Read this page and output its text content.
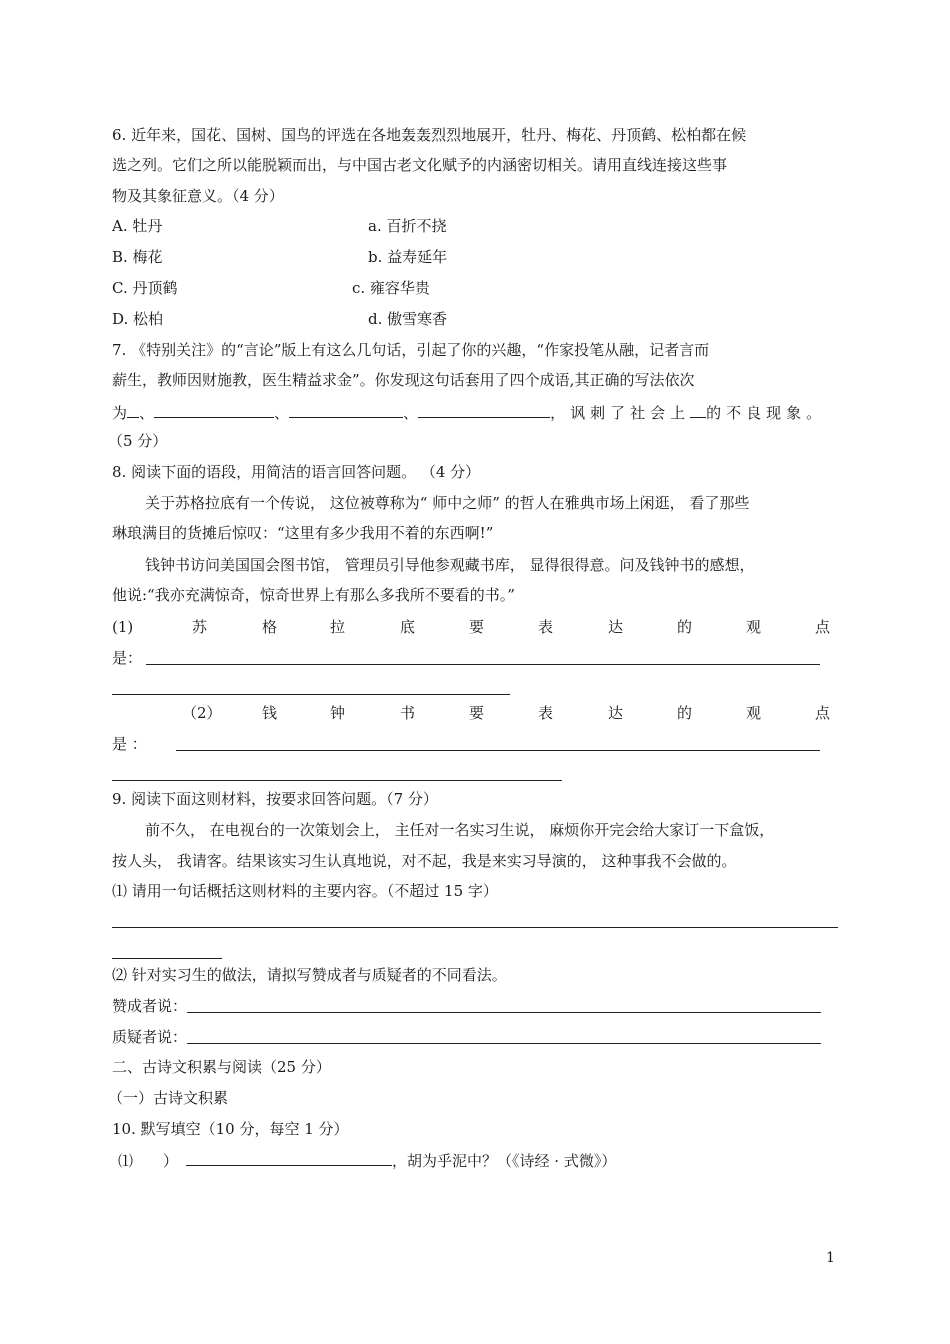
6. 近年来，国花、国树、国鸟的评选在各地轰轰烈烈地展开，牡丹、梅花、丹顶鹤、松柏都在候
选之列。它们之所以能脱颖而出，与中国古老文化赋予的内涵密切相关。请用直线连接这些事
物及其象征意义。（4 分）
A. 牡丹	a. 百折不挠
B. 梅花	b. 益寿延年
C. 丹顶鹤	c. 雍容华贵
D. 松柏	d. 傲雪寒香
7. 《特别关注》的“言论”版上有这么几句话，引起了你的兴趣，“作家投笔从融，记者言而
薪生，教师因财施教，医生精益求金”。你发现这句话套用了四个成语,其正确的写法依次
为 、	、	、	，讽刺了社会上 的不良现象。
（5 分）
8. 阅读下面的语段，用简洁的语言回答问题。 （4 分）
关于苏格拉底有一个传说， 这位被尊称为“ 师中之师” 的哲人在雅典市场上闲逛， 看了那些
琳琅满目的货摊后惊叹：“这里有多少我用不着的东西啊!”
钱钟书访问美国国会图书馆， 管理员引导他参观藏书库， 显得很得意。问及钱钟书的感想，
他说:“我亦充满惊奇，惊奇世界上有那么多我所不要看的书。”
(1)	苏	格	拉	底	要	表	达	的	观	点
是：
（2）	钱	钟	书	要	表	达	的	观	点
是 ：
9. 阅读下面这则材料，按要求回答问题。（7 分）
前不久， 在电视台的一次策划会上， 主任对一名实习生说， 麻烦你开完会给大家订一下盒饭，
按人头， 我请客。结果该实习生认真地说，对不起，我是来实习导演的， 这种事我不会做的。
⑴ 请用一句话概括这则材料的主要内容。（不超过 15 字）
⑵ 针对实习生的做法，请拟写赞成者与质疑者的不同看法。
赞成者说：
质疑者说：
二、古诗文积累与阅读（25 分）
（一）古诗文积累
10. 默写填空（10 分，每空 1 分）
⑴ ）	，胡为乎泥中？（《诗经 · 式微》）
1
